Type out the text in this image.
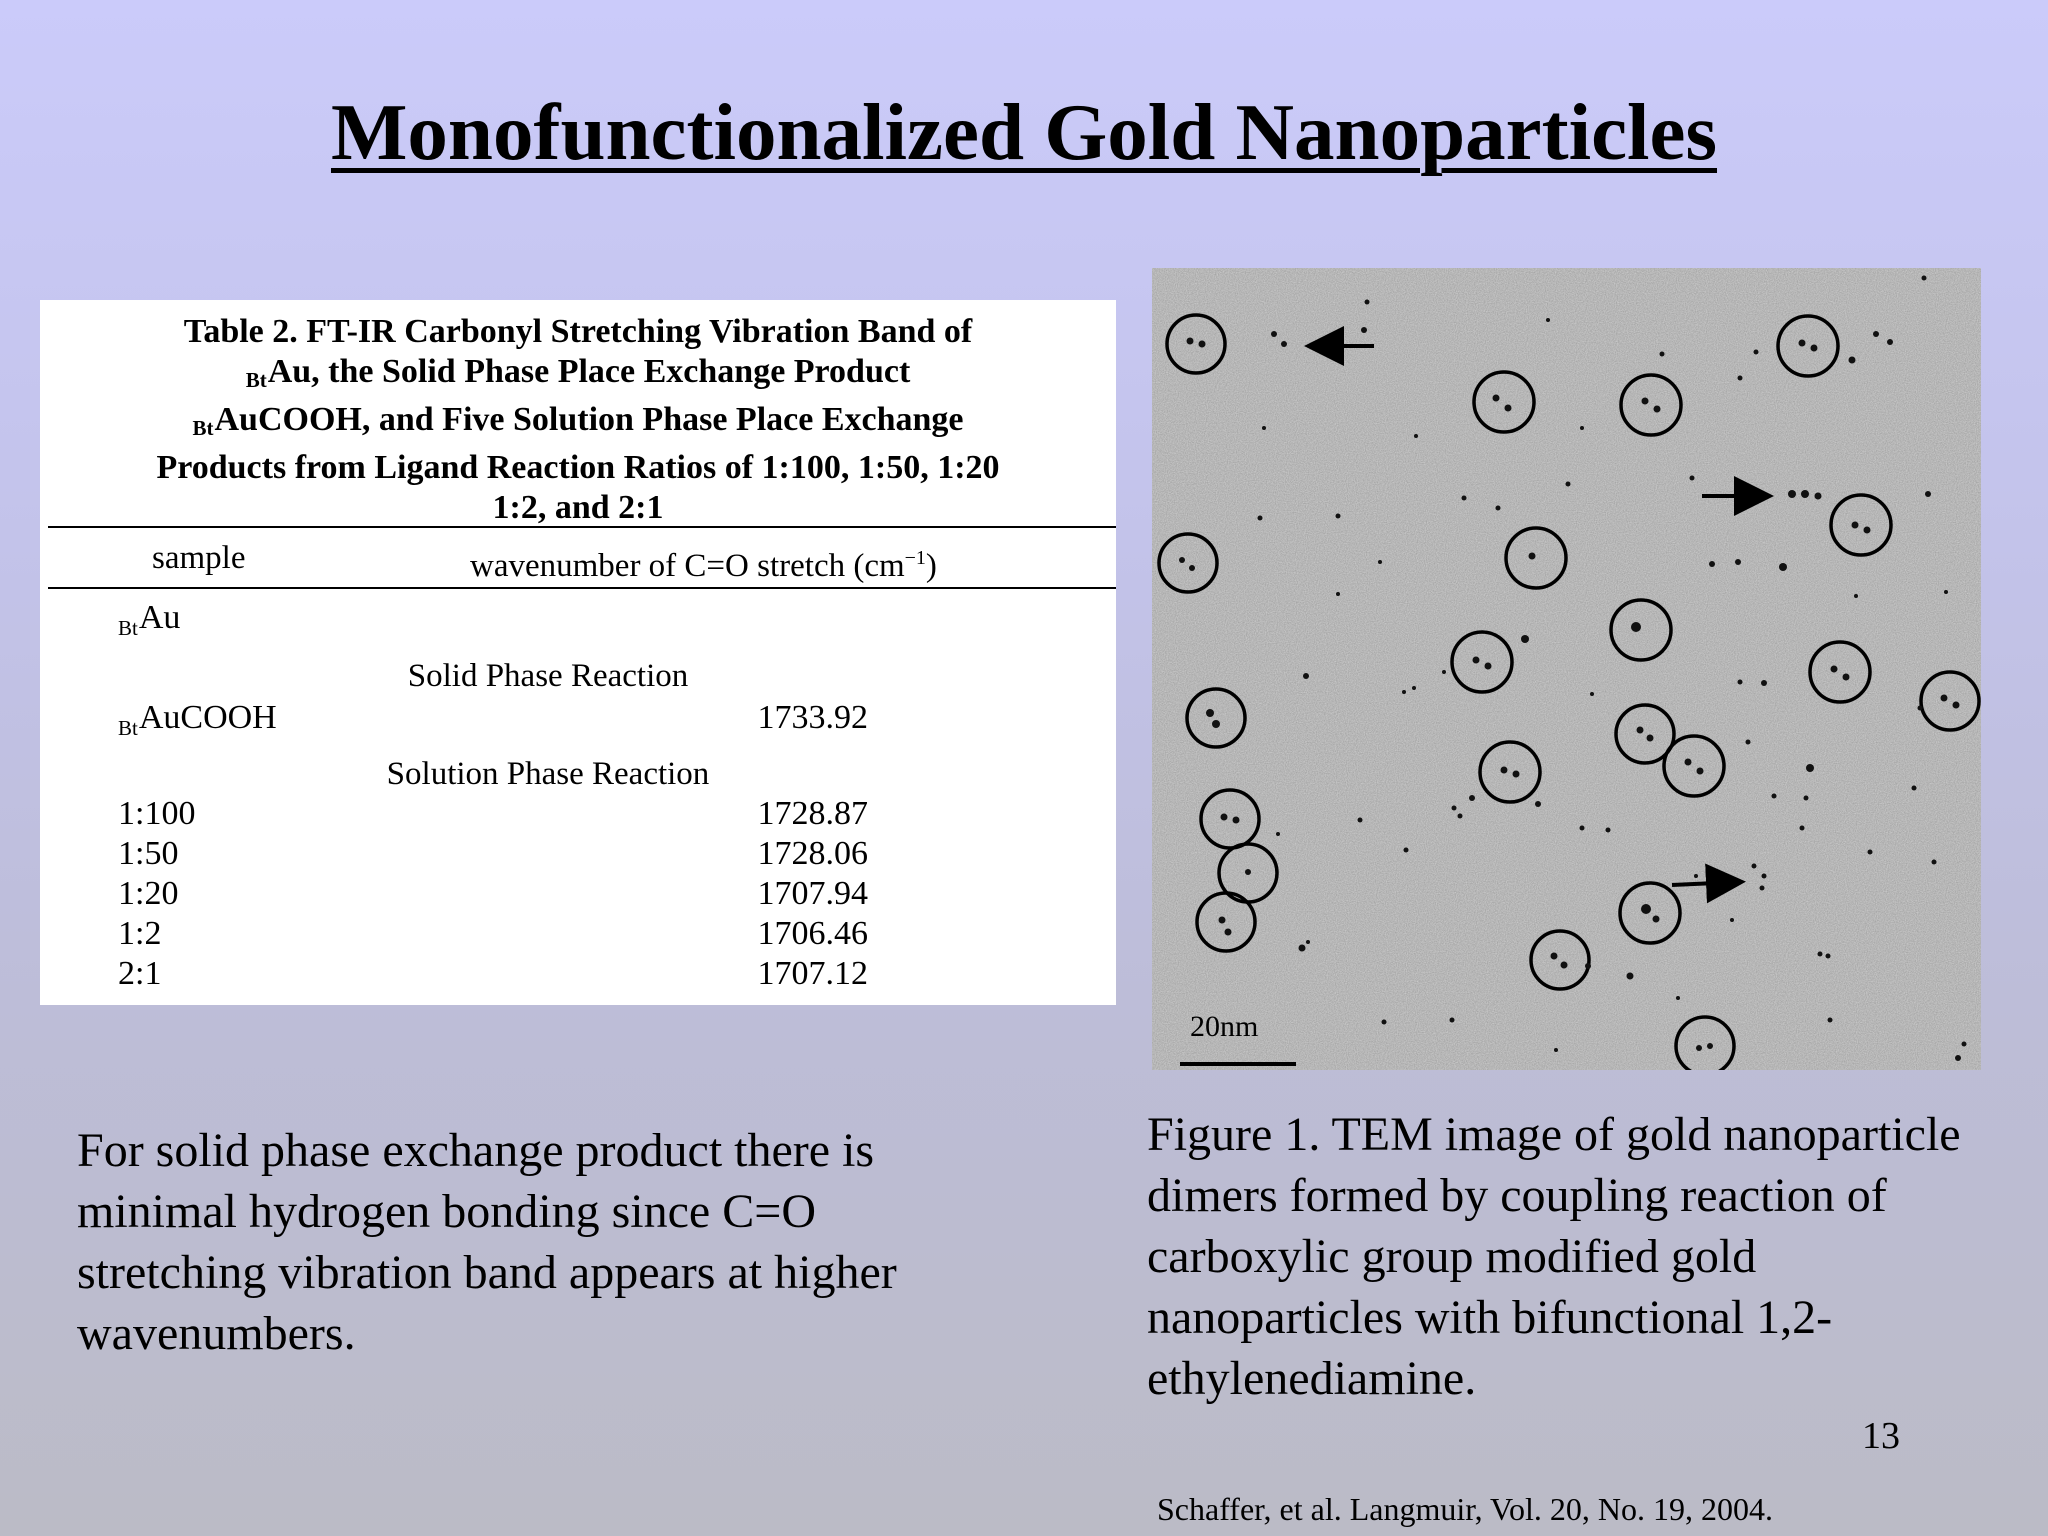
Monofunctionalized Gold Nanoparticles
Table 2. FT-IR Carbonyl Stretching Vibration Band of
$_{Bt}$Au, the Solid Phase Place Exchange Product
$_{Bt}$AuCOOH, and Five Solution Phase Place Exchange
Products from Ligand Reaction Ratios of 1:100, 1:50, 1:20
1:2, and 2:1
sample	wavenumber of C=O stretch $(cm^{-1})$
$_{Bt}$Au
Solid Phase Reaction
$_{Bt}$AuCOOH	1733.92
Solution Phase Reaction
1:100	1728.87
1:50	1728.06
1:20	1707.94
1:2	1706.46
2:1	1707.12
20nm
For solid phase exchange product there is
minimal hydrogen bonding since C=O
stretching vibration band appears at higher
wavenumbers.
Figure 1. TEM image of gold nanoparticle
dimers formed by coupling reaction of
carboxylic group modified gold
nanoparticles with bifunctional 1,2-
ethylenediamine.
13
Schaffer, et al. Langmuir, Vol. 20, No. 19, 2004.
